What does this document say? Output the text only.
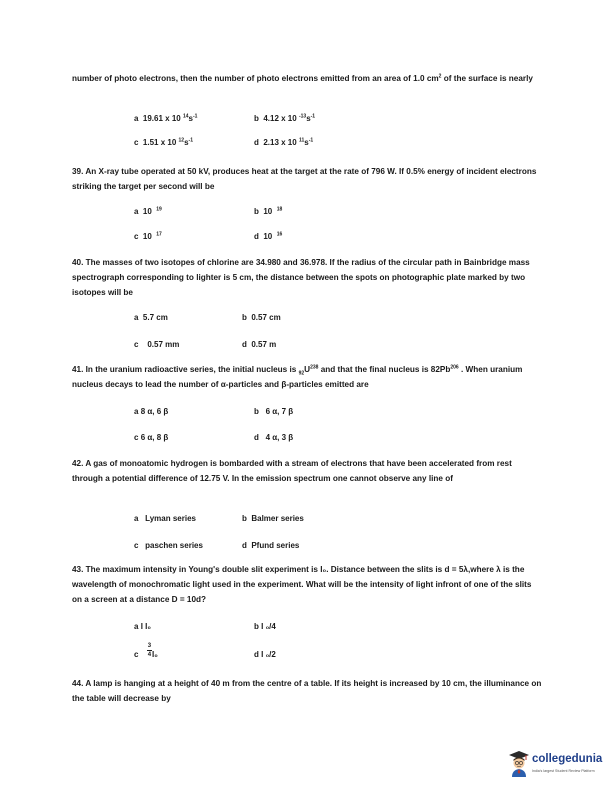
number of photo electrons, then the number of photo electrons emitted from an area of 1.0 $cm^2$ of the surface is nearly
a 19.61 x 10 $^{14}s^{-1}$	b 4.12 x 10 $^{-13}s^{-1}$
c 1.51 x 10 $^{12}s^{-1}$	d 2.13 x 10 $^{11}s^{-1}$
39. An X-ray tube operated at 50 kV, produces heat at the target at the rate of 796 W. If 0.5% energy of incident electrons striking the target per second will be
a 10 $^{19}$	b 10 $^{18}$
c 10 $^{17}$	d 10 $^{16}$
40. The masses of two isotopes of chlorine are 34.980 and 36.978. If the radius of the circular path in Bainbridge mass spectrograph corresponding to lighter is 5 cm, the distance between the spots on photographic plate marked by two isotopes will be
a 5.7 cm	b 0.57 cm
c 0.57 mm	d 0.57 m
41. In the uranium radioactive series, the initial nucleus is $_{92}U^{238}$ and that the final nucleus is 82Pb$^{206}$ . When uranium nucleus decays to lead the number of α-particles and β-particles emitted are
a 8 α, 6 β	b 6 α, 7 β
c 6 α, 8 β	d 4 α, 3 β
42. A gas of monoatomic hydrogen is bombarded with a stream of electrons that have been accelerated from rest through a potential difference of 12.75 V. In the emission spectrum one cannot observe any line of
a Lyman series	b Balmer series
c paschen series	d Pfund series
43. The maximum intensity in Young's double slit experiment is I₀. Distance between the slits is d = 5λ,where λ is the wavelength of monochromatic light used in the experiment. What will be the intensity of light infront of one of the slits on a screen at a distance D = 10d?
a I I₀	b I ₀/4
c $\frac{3}{4} I_0$	d I ₀/2
44. A lamp is hanging at a height of 40 m from the centre of a table. If its height is increased by 10 cm, the illuminance on the table will decrease by
collegedunia
India's largest Student Review Platform
